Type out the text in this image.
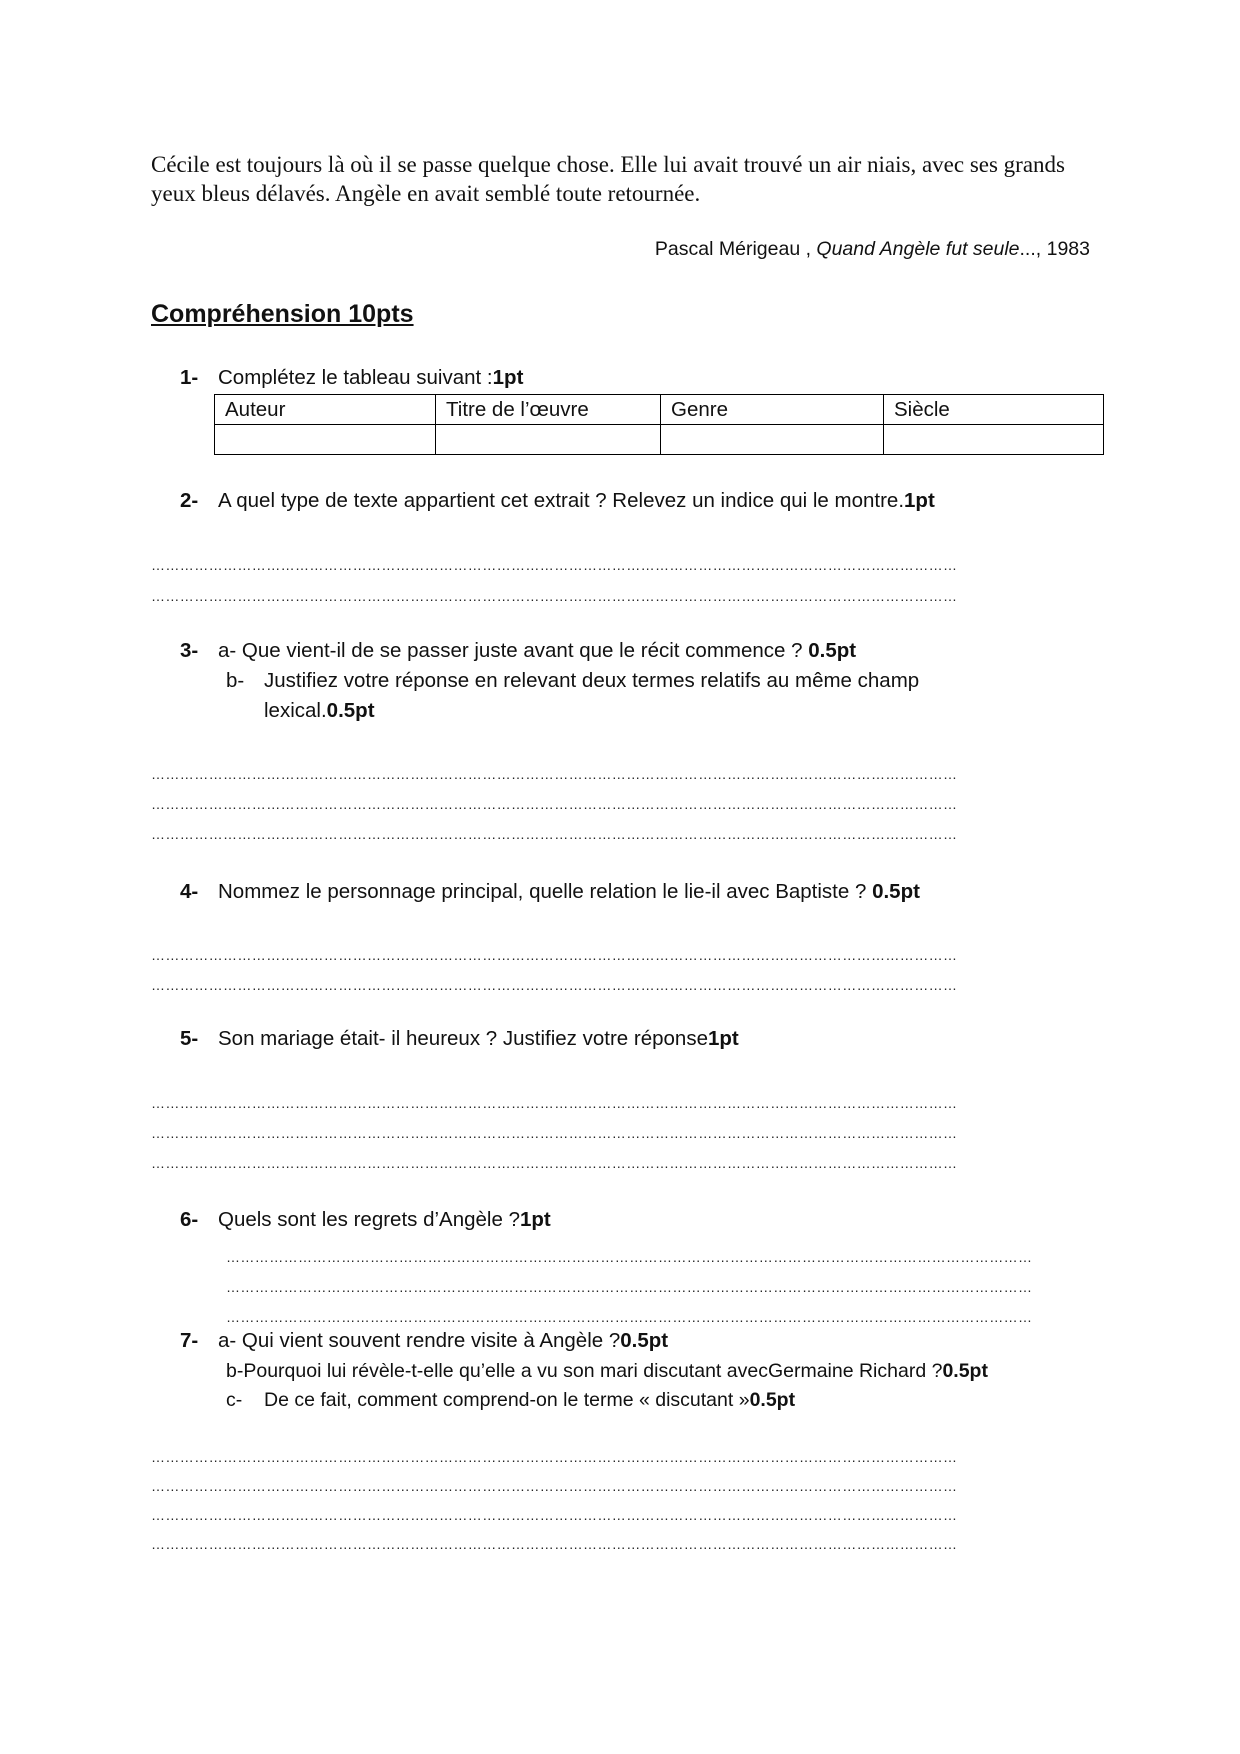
Cécile est toujours là où il se passe quelque chose. Elle lui avait trouvé un air niais, avec ses grands yeux bleus délavés. Angèle en avait semblé toute retournée.
Pascal Mérigeau , Quand Angèle fut seule..., 1983
Compréhension 10pts
1- Complétez le tableau suivant :1pt
Auteur	Titre de l’œuvre	Genre	Siècle

2- A quel type de texte appartient cet extrait ? Relevez un indice qui le montre.1pt
……………………………………………………………………………………………………………………………………………………
……………………………………………………………………………………………………………………………………………………
3- a- Que vient-il de se passer juste avant que le récit commence ? 0.5pt
b- Justifiez votre réponse en relevant deux termes relatifs au même champ
lexical.0.5pt
……………………………………………………………………………………………………………………………………………………
……………………………………………………………………………………………………………………………………………………
……………………………………………………………………………………………………………………………………………………
4- Nommez le personnage principal, quelle relation le lie-il avec Baptiste ? 0.5pt
……………………………………………………………………………………………………………………………………………………
……………………………………………………………………………………………………………………………………………………
5- Son mariage était- il heureux ? Justifiez votre réponse1pt
……………………………………………………………………………………………………………………………………………………
……………………………………………………………………………………………………………………………………………………
……………………………………………………………………………………………………………………………………………………
6- Quels sont les regrets d’Angèle ?1pt
……………………………………………………………………………………………………………………………………………………
……………………………………………………………………………………………………………………………………………………
……………………………………………………………………………………………………………………………………………………
7- a- Qui vient souvent rendre visite à Angèle ?0.5pt
b-Pourquoi lui révèle-t-elle qu’elle a vu son mari discutant avecGermaine Richard ?0.5pt
c- De ce fait, comment comprend-on le terme « discutant »0.5pt
……………………………………………………………………………………………………………………………………………………
……………………………………………………………………………………………………………………………………………………
……………………………………………………………………………………………………………………………………………………
……………………………………………………………………………………………………………………………………………………
